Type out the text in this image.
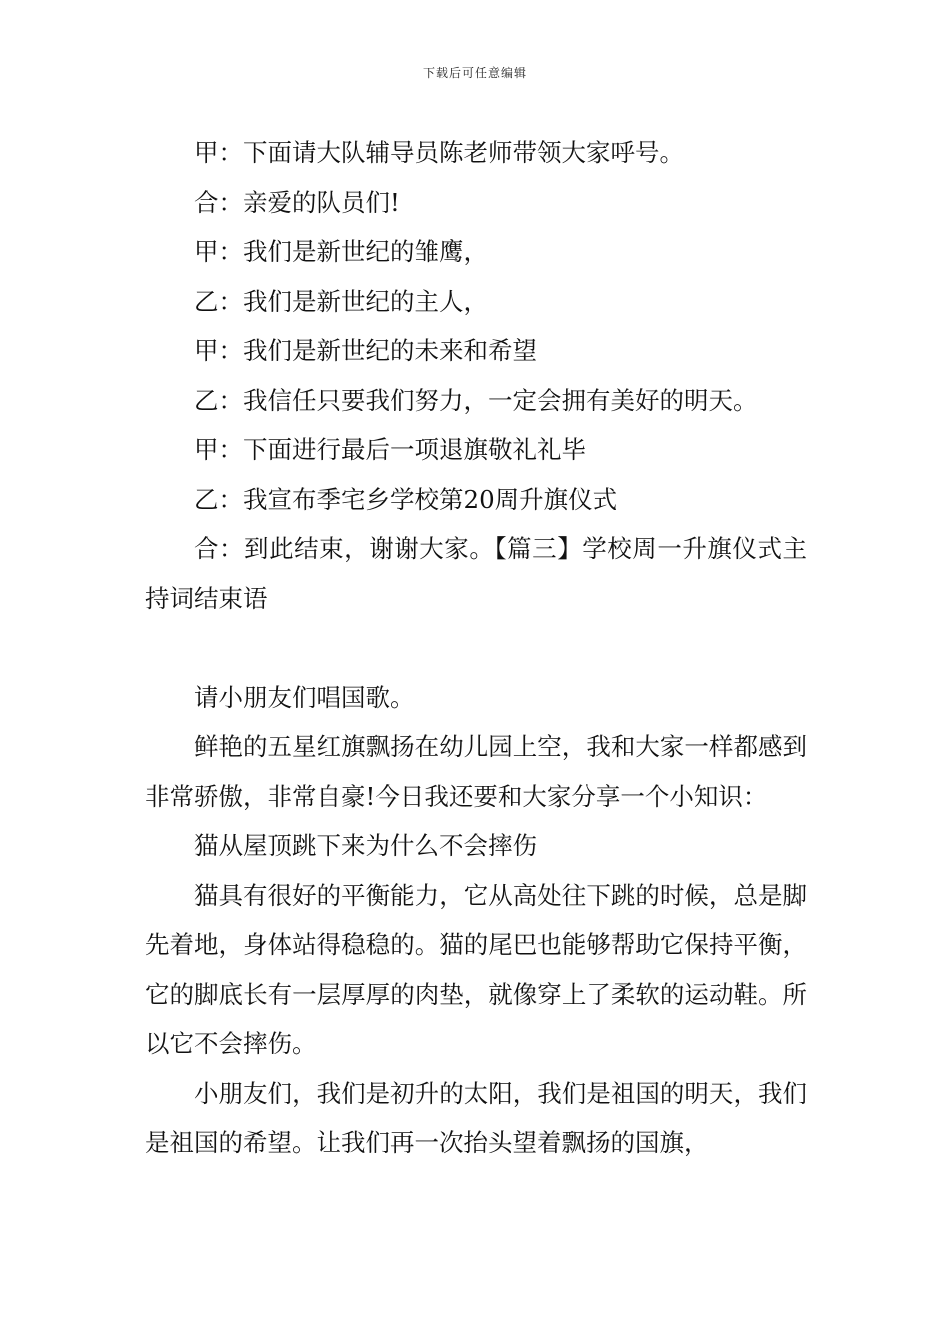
下载后可任意编辑

甲：下面请大队辅导员陈老师带领大家呼号。

合：亲爱的队员们!

甲：我们是新世纪的雏鹰，

乙：我们是新世纪的主人，

甲：我们是新世纪的未来和希望

乙：我信任只要我们努力，一定会拥有美好的明天。

甲：下面进行最后一项退旗敬礼礼毕

乙：我宣布季宅乡学校第20周升旗仪式

合：到此结束，谢谢大家。【篇三】学校周一升旗仪式主持词结束语

请小朋友们唱国歌。

鲜艳的五星红旗飘扬在幼儿园上空，我和大家一样都感到非常骄傲，非常自豪!今日我还要和大家分享一个小知识：

猫从屋顶跳下来为什么不会摔伤

猫具有很好的平衡能力，它从高处往下跳的时候，总是脚先着地，身体站得稳稳的。猫的尾巴也能够帮助它保持平衡，它的脚底长有一层厚厚的肉垫，就像穿上了柔软的运动鞋。所以它不会摔伤。

小朋友们，我们是初升的太阳，我们是祖国的明天，我们是祖国的希望。让我们再一次抬头望着飘扬的国旗，
